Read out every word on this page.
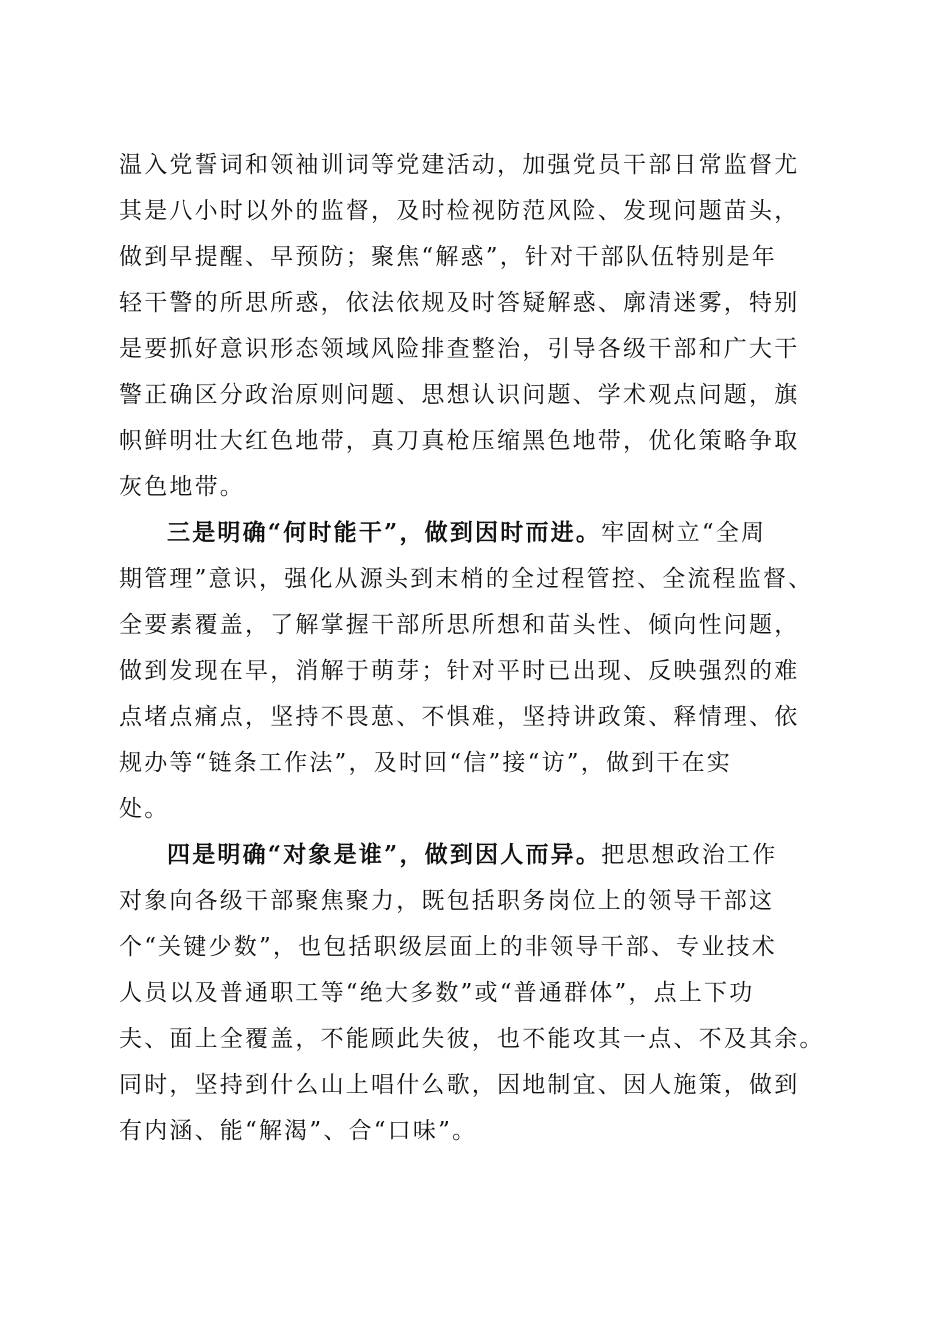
温入党誓词和领袖训词等党建活动，加强党员干部日常监督尤
其是八小时以外的监督，及时检视防范风险、发现问题苗头，
做到早提醒、早预防；聚焦“解惑”，针对干部队伍特别是年
轻干警的所思所惑，依法依规及时答疑解惑、廓清迷雾，特别
是要抓好意识形态领域风险排查整治，引导各级干部和广大干
警正确区分政治原则问题、思想认识问题、学术观点问题，旗
帜鲜明壮大红色地带，真刀真枪压缩黑色地带，优化策略争取
灰色地带。
三是明确“何时能干”，做到因时而进。牢固树立“全周
期管理”意识，强化从源头到末梢的全过程管控、全流程监督、
全要素覆盖，了解掌握干部所思所想和苗头性、倾向性问题，
做到发现在早，消解于萌芽；针对平时已出现、反映强烈的难
点堵点痛点，坚持不畏葸、不惧难，坚持讲政策、释情理、依
规办等“链条工作法”，及时回“信”接“访”，做到干在实
处。
四是明确“对象是谁”，做到因人而异。把思想政治工作
对象向各级干部聚焦聚力，既包括职务岗位上的领导干部这
个“关键少数”，也包括职级层面上的非领导干部、专业技术
人员以及普通职工等“绝大多数”或“普通群体”，点上下功
夫、面上全覆盖，不能顾此失彼，也不能攻其一点、不及其余。
同时，坚持到什么山上唱什么歌，因地制宜、因人施策，做到
有内涵、能“解渴”、合“口味”。
